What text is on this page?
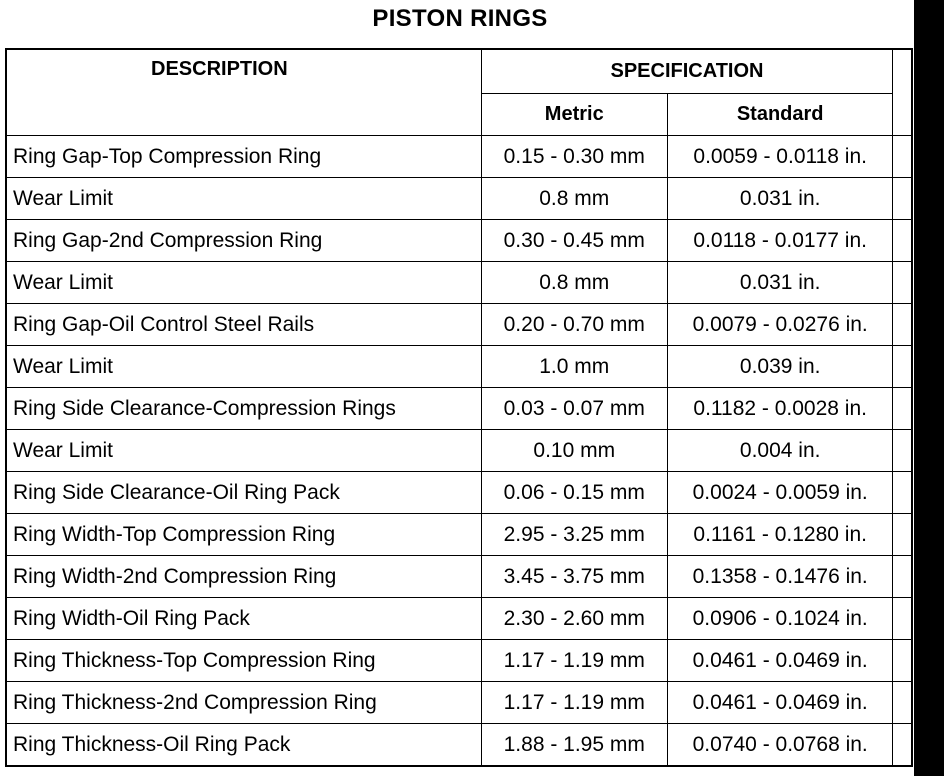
PISTON RINGS
DESCRIPTION	SPECIFICATION		
	Metric	Standard	
Ring Gap-Top Compression Ring	0.15 - 0.30 mm	0.0059 - 0.0118 in.	
Wear Limit	0.8 mm	0.031 in.	
Ring Gap-2nd Compression Ring	0.30 - 0.45 mm	0.0118 - 0.0177 in.	
Wear Limit	0.8 mm	0.031 in.	
Ring Gap-Oil Control Steel Rails	0.20 - 0.70 mm	0.0079 - 0.0276 in.	
Wear Limit	1.0 mm	0.039 in.	
Ring Side Clearance-Compression Rings	0.03 - 0.07 mm	0.1182 - 0.0028 in.	
Wear Limit	0.10 mm	0.004 in.	
Ring Side Clearance-Oil Ring Pack	0.06 - 0.15 mm	0.0024 - 0.0059 in.	
Ring Width-Top Compression Ring	2.95 - 3.25 mm	0.1161 - 0.1280 in.	
Ring Width-2nd Compression Ring	3.45 - 3.75 mm	0.1358 - 0.1476 in.	
Ring Width-Oil Ring Pack	2.30 - 2.60 mm	0.0906 - 0.1024 in.	
Ring Thickness-Top Compression Ring	1.17 - 1.19 mm	0.0461 - 0.0469 in.	
Ring Thickness-2nd Compression Ring	1.17 - 1.19 mm	0.0461 - 0.0469 in.	
Ring Thickness-Oil Ring Pack	1.88 - 1.95 mm	0.0740 - 0.0768 in.	
